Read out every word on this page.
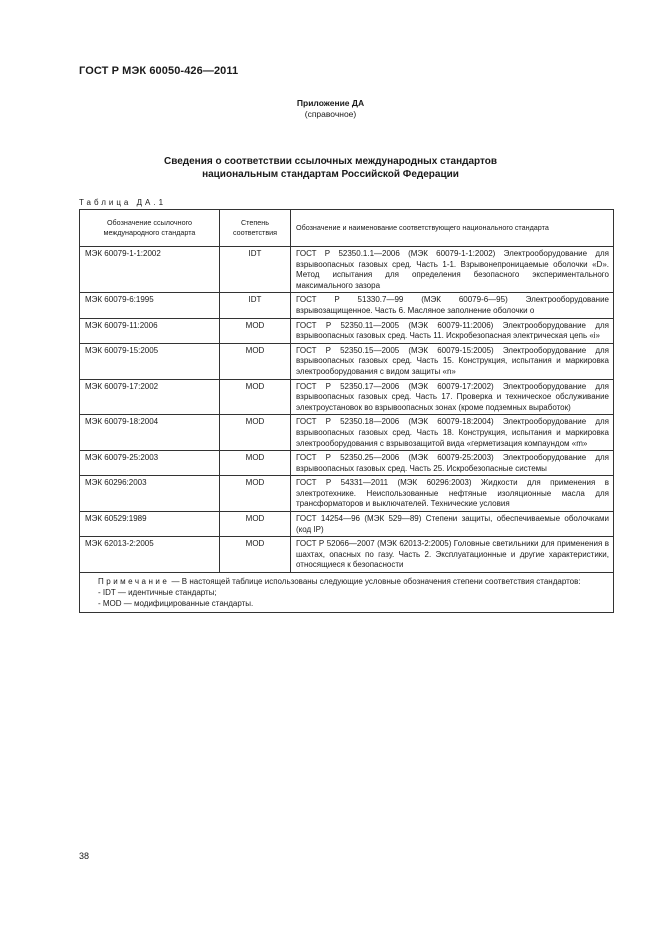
ГОСТ Р МЭК 60050-426—2011
Приложение ДА
(справочное)
Сведения о соответствии ссылочных международных стандартов
национальным стандартам Российской Федерации
Таблица ДА.1
Обозначение ссылочного международного стандарта	Степень соответствия	Обозначение и наименование соответствующего национального стандарта
МЭК 60079-1-1:2002	IDT	ГОСТ Р 52350.1.1—2006 (МЭК 60079-1-1:2002) Электрооборудование для взрывоопасных газовых сред. Часть 1-1. Взрывонепроницаемые оболочки «D». Метод испытания для определения безопасного экспериментального максимального зазора
МЭК 60079-6:1995	IDT	ГОСТ Р 51330.7—99 (МЭК 60079-6—95) Электрооборудование взрывозащищенное. Часть 6. Масляное заполнение оболочки о
МЭК 60079-11:2006	MOD	ГОСТ Р 52350.11—2005 (МЭК 60079-11:2006) Электрооборудование для взрывоопасных газовых сред. Часть 11. Искробезопасная электрическая цепь «i»
МЭК 60079-15:2005	MOD	ГОСТ Р 52350.15—2005 (МЭК 60079-15:2005) Электрооборудование для взрывоопасных газовых сред. Часть 15. Конструкция, испытания и маркировка электрооборудования с видом защиты «n»
МЭК 60079-17:2002	MOD	ГОСТ Р 52350.17—2006 (МЭК 60079-17:2002) Электрооборудование для взрывоопасных газовых сред. Часть 17. Проверка и техническое обслуживание электроустановок во взрывоопасных зонах (кроме подземных выработок)
МЭК 60079-18:2004	MOD	ГОСТ Р 52350.18—2006 (МЭК 60079-18:2004) Электрооборудование для взрывоопасных газовых сред. Часть 18. Конструкция, испытания и маркировка электрооборудования с взрывозащитой вида «герметизация компаундом «m»
МЭК 60079-25:2003	MOD	ГОСТ Р 52350.25—2006 (МЭК 60079-25:2003) Электрооборудование для взрывоопасных газовых сред. Часть 25. Искробезопасные системы
МЭК 60296:2003	MOD	ГОСТ Р 54331—2011 (МЭК 60296:2003) Жидкости для применения в электротехнике. Неиспользованные нефтяные изоляционные масла для трансформаторов и выключателей. Технические условия
МЭК 60529:1989	MOD	ГОСТ 14254—96 (МЭК 529—89) Степени защиты, обеспечиваемые оболочками (код IP)
МЭК 62013-2:2005	MOD	ГОСТ Р 52066—2007 (МЭК 62013-2:2005) Головные светильники для применения в шахтах, опасных по газу. Часть 2. Эксплуатационные и другие характеристики, относящиеся к безопасности

Примечание — В настоящей таблице использованы следующие условные обозначения степени соответствия стандартов:
- IDT — идентичные стандарты;
- MOD — модифицированные стандарты.		
38
